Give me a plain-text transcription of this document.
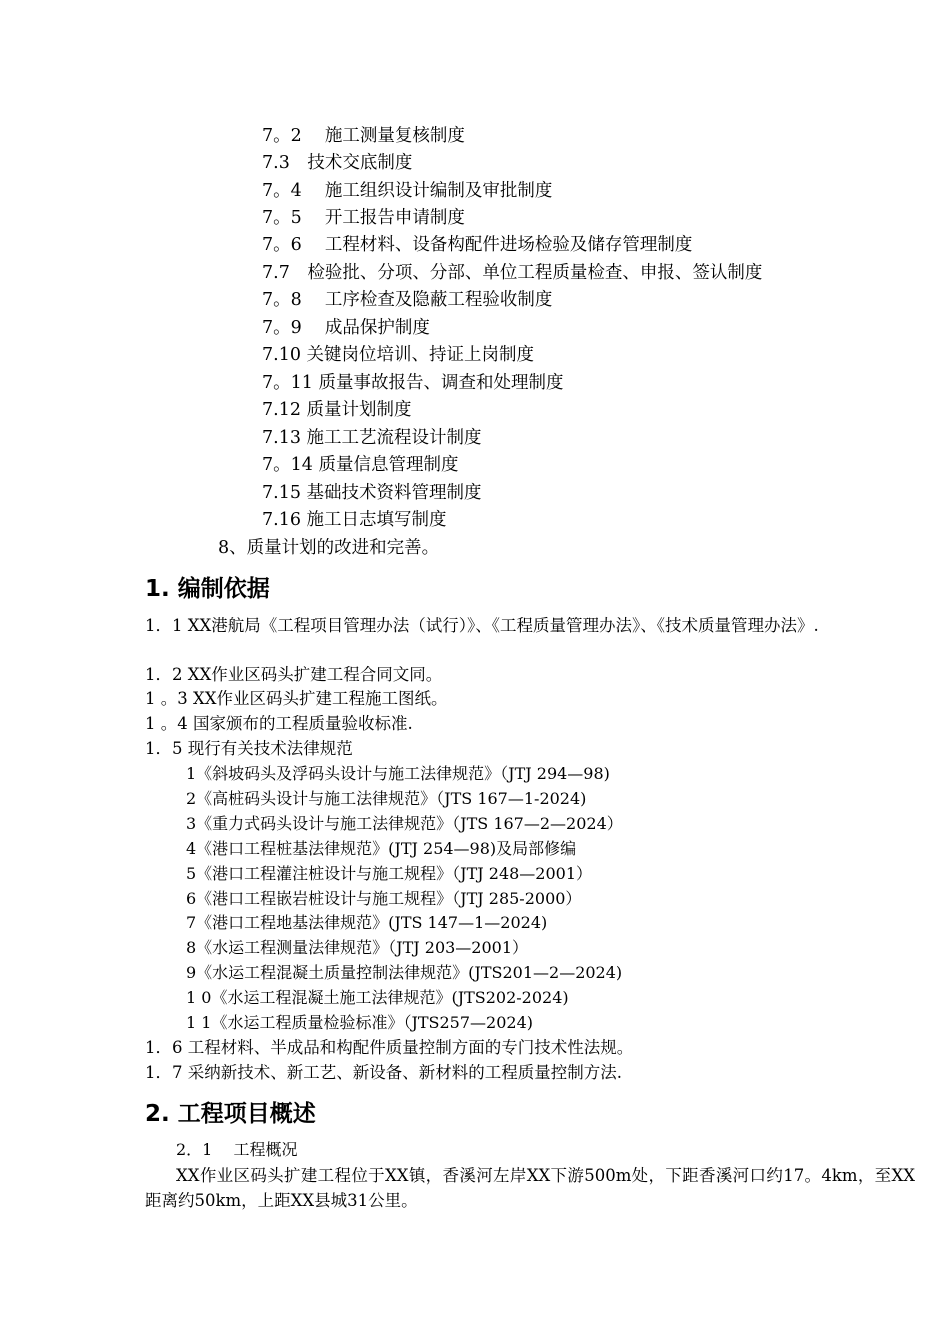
7。2　 施工测量复核制度
7.3　技术交底制度
7。4　 施工组织设计编制及审批制度
7。5　 开工报告申请制度
7。6　 工程材料、设备构配件进场检验及储存管理制度
7.7　检验批、分项、分部、单位工程质量检查、申报、签认制度
7。8　 工序检查及隐蔽工程验收制度
7。9　 成品保护制度
7.10 关键岗位培训、持证上岗制度
7。11 质量事故报告、调查和处理制度
7.12 质量计划制度
7.13 施工工艺流程设计制度
7。14 质量信息管理制度
7.15 基础技术资料管理制度
7.16 施工日志填写制度
8、质量计划的改进和完善。
1. 编制依据
1．1 XX港航局《工程项目管理办法（试行）》、《工程质量管理办法》、《技术质量管理办法》.
1．2 XX作业区码头扩建工程合同文同。
1 。3 XX作业区码头扩建工程施工图纸。
1 。4 国家颁布的工程质量验收标准.
1．5 现行有关技术法律规范
1《斜坡码头及浮码头设计与施工法律规范》（JTJ 294—98)
2《高桩码头设计与施工法律规范》（JTS 167—1-2024)
3《重力式码头设计与施工法律规范》（JTS 167—2—2024）
4《港口工程桩基法律规范》(JTJ 254—98)及局部修编
5《港口工程灌注桩设计与施工规程》（JTJ 248—2001）
6《港口工程嵌岩桩设计与施工规程》（JTJ 285-2000）
7《港口工程地基法律规范》(JTS 147—1—2024)
8《水运工程测量法律规范》（JTJ 203—2001）
9《水运工程混凝土质量控制法律规范》(JTS201—2—2024)
1 0《水运工程混凝土施工法律规范》(JTS202-2024)
1 1《水运工程质量检验标准》（JTS257—2024)
1．6 工程材料、半成品和构配件质量控制方面的专门技术性法规。
1．7 采纳新技术、新工艺、新设备、新材料的工程质量控制方法.
2. 工程项目概述
2．1　 工程概况
XX作业区码头扩建工程位于XX镇，香溪河左岸XX下游500m处，下距香溪河口约17。4km，至XX距离约50km，上距XX县城31公里。
